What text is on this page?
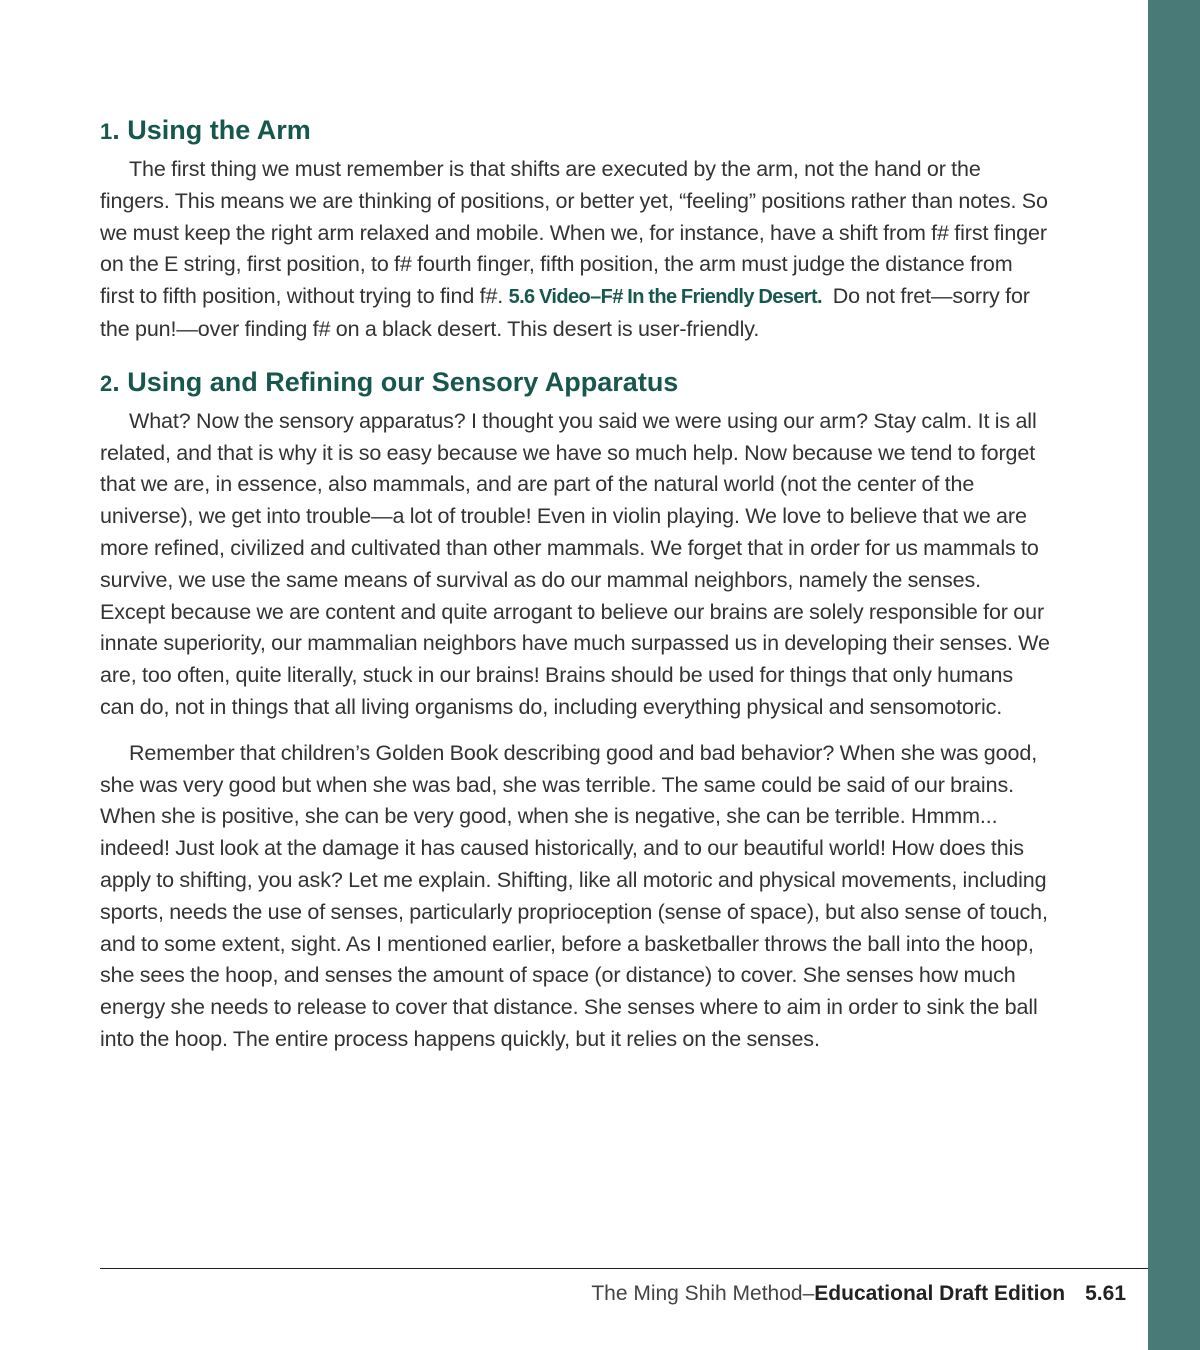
1. Using the Arm

The first thing we must remember is that shifts are executed by the arm, not the hand or the fingers. This means we are thinking of positions, or better yet, “feeling” positions rather than notes. So we must keep the right arm relaxed and mobile. When we, for instance, have a shift from f# first finger on the E string, first position, to f# fourth finger, fifth position, the arm must judge the distance from first to fifth position, without trying to find f#. 5.6 Video–F# In the Friendly Desert. Do not fret—sorry for the pun!—over finding f# on a black desert. This desert is user-friendly.

2. Using and Refining our Sensory Apparatus

What? Now the sensory apparatus? I thought you said we were using our arm? Stay calm. It is all related, and that is why it is so easy because we have so much help. Now because we tend to forget that we are, in essence, also mammals, and are part of the natural world (not the center of the universe), we get into trouble—a lot of trouble! Even in violin playing. We love to believe that we are more refined, civilized and cultivated than other mammals. We forget that in order for us mammals to survive, we use the same means of survival as do our mammal neighbors, namely the senses. Except because we are content and quite arrogant to believe our brains are solely responsible for our innate superiority, our mammalian neighbors have much surpassed us in developing their senses. We are, too often, quite literally, stuck in our brains! Brains should be used for things that only humans can do, not in things that all living organisms do, including everything physical and sensomotoric.

Remember that children’s Golden Book describing good and bad behavior? When she was good, she was very good but when she was bad, she was terrible. The same could be said of our brains. When she is positive, she can be very good, when she is negative, she can be terrible. Hmmm... indeed! Just look at the damage it has caused historically, and to our beautiful world! How does this apply to shifting, you ask? Let me explain. Shifting, like all motoric and physical movements, including sports, needs the use of senses, particularly proprioception (sense of space), but also sense of touch, and to some extent, sight. As I mentioned earlier, before a basketballer throws the ball into the hoop, she sees the hoop, and senses the amount of space (or distance) to cover. She senses how much energy she needs to release to cover that distance. She senses where to aim in order to sink the ball into the hoop. The entire process happens quickly, but it relies on the senses.

The Ming Shih Method–Educational Draft Edition 5.61
